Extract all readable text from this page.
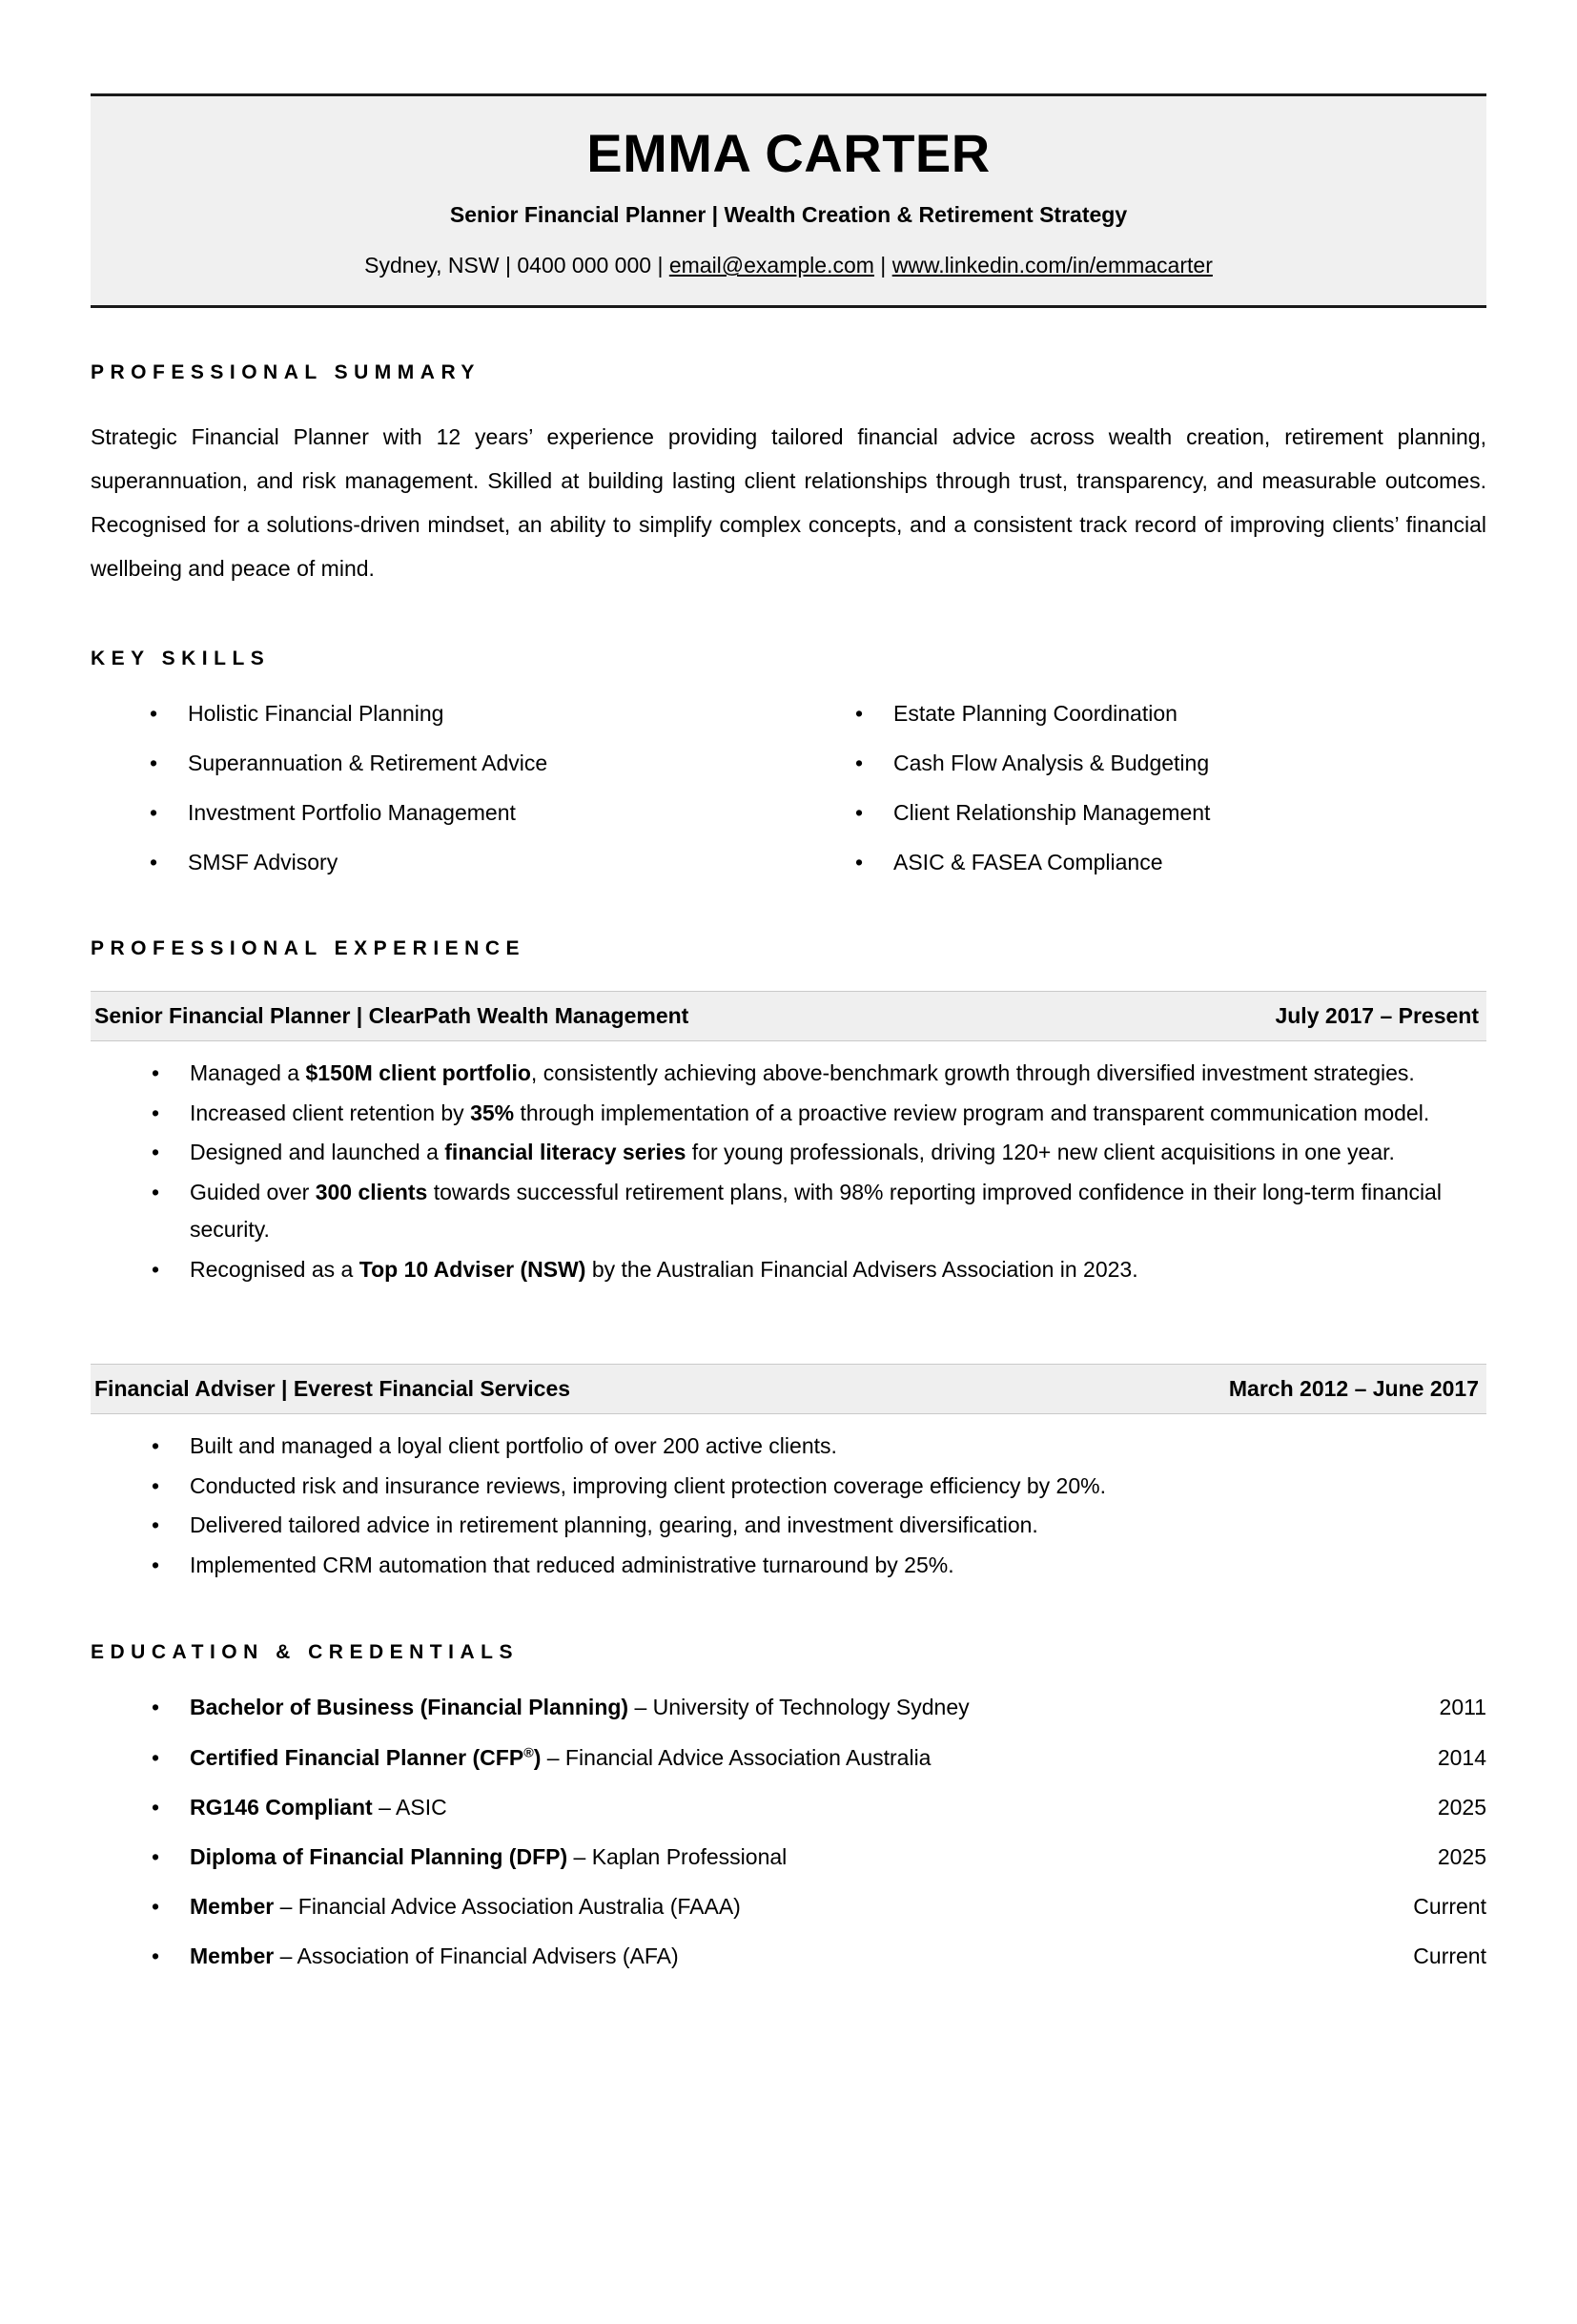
EMMA CARTER
Senior Financial Planner | Wealth Creation & Retirement Strategy
Sydney, NSW | 0400 000 000 | email@example.com | www.linkedin.com/in/emmacarter
PROFESSIONAL SUMMARY
Strategic Financial Planner with 12 years’ experience providing tailored financial advice across wealth creation, retirement planning, superannuation, and risk management. Skilled at building lasting client relationships through trust, transparency, and measurable outcomes. Recognised for a solutions-driven mindset, an ability to simplify complex concepts, and a consistent track record of improving clients’ financial wellbeing and peace of mind.
KEY SKILLS
• Holistic Financial Planning
• Superannuation & Retirement Advice
• Investment Portfolio Management
• SMSF Advisory
• Estate Planning Coordination
• Cash Flow Analysis & Budgeting
• Client Relationship Management
• ASIC & FASEA Compliance
PROFESSIONAL EXPERIENCE
Senior Financial Planner | ClearPath Wealth Management	July 2017 – Present
• Managed a $150M client portfolio, consistently achieving above-benchmark growth through diversified investment strategies.
• Increased client retention by 35% through implementation of a proactive review program and transparent communication model.
• Designed and launched a financial literacy series for young professionals, driving 120+ new client acquisitions in one year.
• Guided over 300 clients towards successful retirement plans, with 98% reporting improved confidence in their long-term financial security.
• Recognised as a Top 10 Adviser (NSW) by the Australian Financial Advisers Association in 2023.
Financial Adviser | Everest Financial Services	March 2012 – June 2017
• Built and managed a loyal client portfolio of over 200 active clients.
• Conducted risk and insurance reviews, improving client protection coverage efficiency by 20%.
• Delivered tailored advice in retirement planning, gearing, and investment diversification.
• Implemented CRM automation that reduced administrative turnaround by 25%.
EDUCATION & CREDENTIALS
• Bachelor of Business (Financial Planning) – University of Technology Sydney	2011
• Certified Financial Planner (CFP®) – Financial Advice Association Australia	2014
• RG146 Compliant – ASIC	2025
• Diploma of Financial Planning (DFP) – Kaplan Professional	2025
• Member – Financial Advice Association Australia (FAAA)	Current
• Member – Association of Financial Advisers (AFA)	Current
